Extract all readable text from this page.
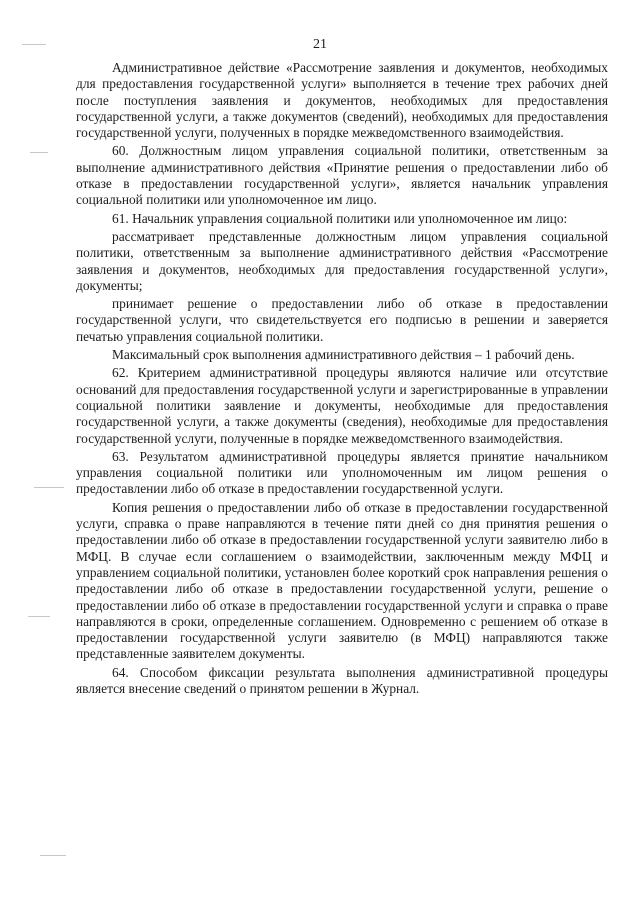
21

Административное действие «Рассмотрение заявления и документов, необходимых для предоставления государственной услуги» выполняется в течение трех рабочих дней после поступления заявления и документов, необходимых для предоставления государственной услуги, а также документов (сведений), необходимых для предоставления государственной услуги, полученных в порядке межведомственного взаимодействия.

60. Должностным лицом управления социальной политики, ответственным за выполнение административного действия «Принятие решения о предоставлении либо об отказе в предоставлении государственной услуги», является начальник управления социальной политики или уполномоченное им лицо.

61. Начальник управления социальной политики или уполномоченное им лицо:

рассматривает представленные должностным лицом управления социальной политики, ответственным за выполнение административного действия «Рассмотрение заявления и документов, необходимых для предоставления государственной услуги», документы;

принимает решение о предоставлении либо об отказе в предоставлении государственной услуги, что свидетельствуется его подписью в решении и заверяется печатью управления социальной политики.

Максимальный срок выполнения административного действия – 1 рабочий день.

62. Критерием административной процедуры являются наличие или отсутствие оснований для предоставления государственной услуги и зарегистрированные в управлении социальной политики заявление и документы, необходимые для предоставления государственной услуги, а также документы (сведения), необходимые для предоставления государственной услуги, полученные в порядке межведомственного взаимодействия.

63. Результатом административной процедуры является принятие начальником управления социальной политики или уполномоченным им лицом решения о предоставлении либо об отказе в предоставлении государственной услуги.

Копия решения о предоставлении либо об отказе в предоставлении государственной услуги, справка о праве направляются в течение пяти дней со дня принятия решения о предоставлении либо об отказе в предоставлении государственной услуги заявителю либо в МФЦ. В случае если соглашением о взаимодействии, заключенным между МФЦ и управлением социальной политики, установлен более короткий срок направления решения о предоставлении либо об отказе в предоставлении государственной услуги, решение о предоставлении либо об отказе в предоставлении государственной услуги и справка о праве направляются в сроки, определенные соглашением. Одновременно с решением об отказе в предоставлении государственной услуги заявителю (в МФЦ) направляются также представленные заявителем документы.

64. Способом фиксации результата выполнения административной процедуры является внесение сведений о принятом решении в Журнал.
